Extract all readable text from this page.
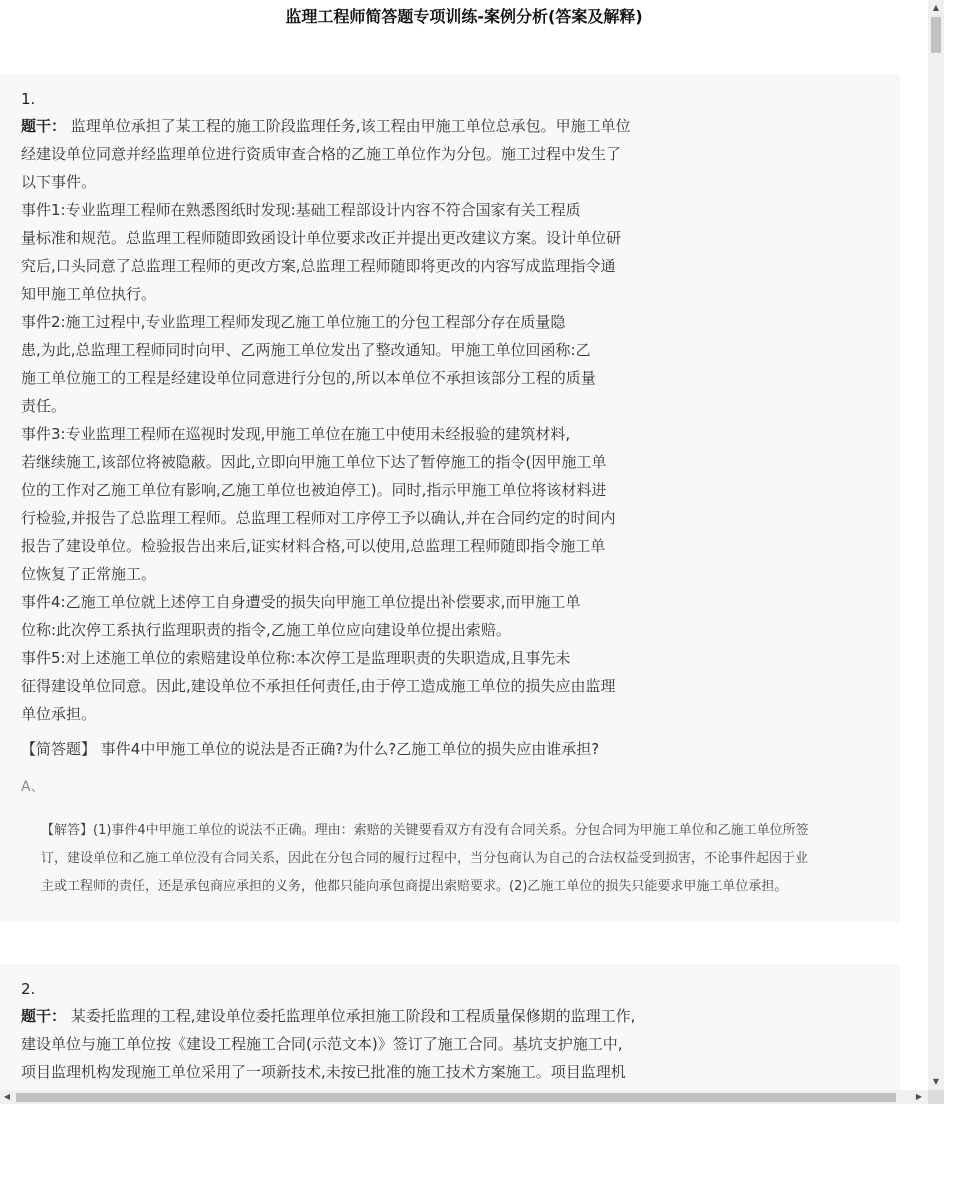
监理工程师简答题专项训练-案例分析(答案及解释)
1.
题干： 监理单位承担了某工程的施工阶段监理任务,该工程由甲施工单位总承包。甲施工单位
经建设单位同意并经监理单位进行资质审查合格的乙施工单位作为分包。施工过程中发生了
以下事件。
事件1:专业监理工程师在熟悉图纸时发现:基础工程部设计内容不符合国家有关工程质
量标准和规范。总监理工程师随即致函设计单位要求改正并提出更改建议方案。设计单位研
究后,口头同意了总监理工程师的更改方案,总监理工程师随即将更改的内容写成监理指令通
知甲施工单位执行。
事件2:施工过程中,专业监理工程师发现乙施工单位施工的分包工程部分存在质量隐
患,为此,总监理工程师同时向甲、乙两施工单位发出了整改通知。甲施工单位回函称:乙
施工单位施工的工程是经建设单位同意进行分包的,所以本单位不承担该部分工程的质量
责任。
事件3:专业监理工程师在巡视时发现,甲施工单位在施工中使用未经报验的建筑材料,
若继续施工,该部位将被隐蔽。因此,立即向甲施工单位下达了暂停施工的指令(因甲施工单
位的工作对乙施工单位有影响,乙施工单位也被迫停工)。同时,指示甲施工单位将该材料进
行检验,并报告了总监理工程师。总监理工程师对工序停工予以确认,并在合同约定的时间内
报告了建设单位。检验报告出来后,证实材料合格,可以使用,总监理工程师随即指令施工单
位恢复了正常施工。
事件4:乙施工单位就上述停工自身遭受的损失向甲施工单位提出补偿要求,而甲施工单
位称:此次停工系执行监理职责的指令,乙施工单位应向建设单位提出索赔。
事件5:对上述施工单位的索赔建设单位称:本次停工是监理职责的失职造成,且事先未
征得建设单位同意。因此,建设单位不承担任何责任,由于停工造成施工单位的损失应由监理
单位承担。
【简答题】 事件4中甲施工单位的说法是否正确?为什么?乙施工单位的损失应由谁承担?
A、
【解答】(1)事件4中甲施工单位的说法不正确。理由：索赔的关键要看双方有没有合同关系。分包合同为甲施工单位和乙施工单位所签
订，建设单位和乙施工单位没有合同关系，因此在分包合同的履行过程中，当分包商认为自己的合法权益受到损害，不论事件起因于业
主或工程师的责任，还是承包商应承担的义务，他都只能向承包商提出索赔要求。(2)乙施工单位的损失只能要求甲施工单位承担。
2.
题干： 某委托监理的工程,建设单位委托监理单位承担施工阶段和工程质量保修期的监理工作,
建设单位与施工单位按《建设工程施工合同(示范文本)》签订了施工合同。基坑支护施工中,
项目监理机构发现施工单位采用了一项新技术,未按已批准的施工技术方案施工。项目监理机
▲
▼
◀	▶
